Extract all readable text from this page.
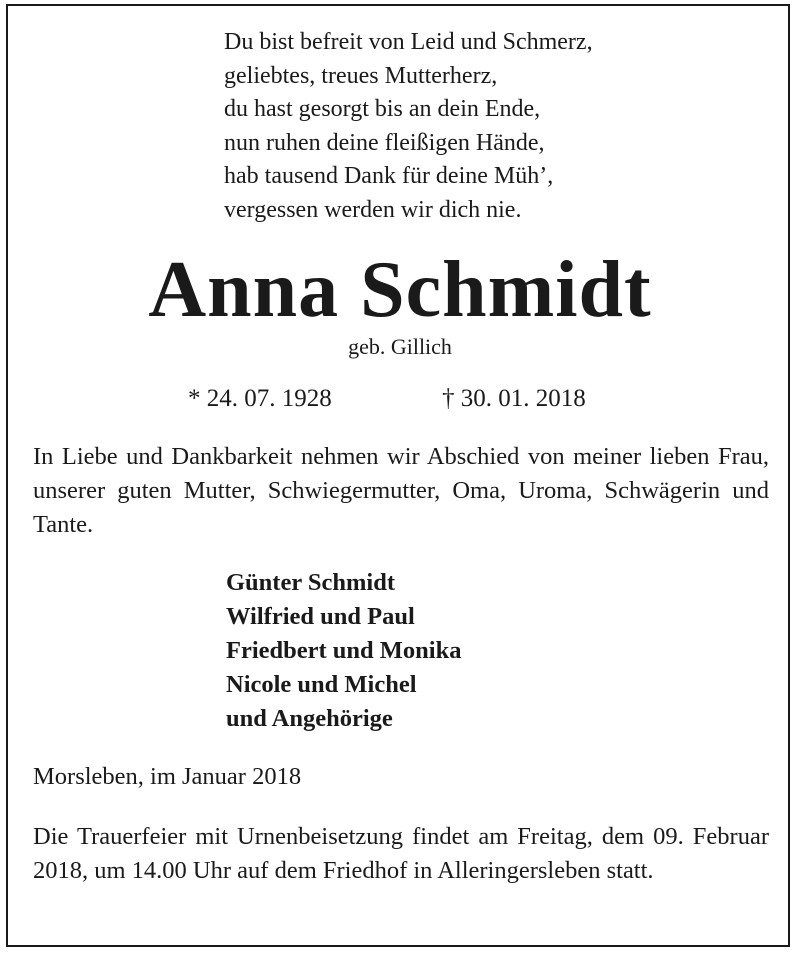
Du bist befreit von Leid und Schmerz,
geliebtes, treues Mutterherz,
du hast gesorgt bis an dein Ende,
nun ruhen deine fleißigen Hände,
hab tausend Dank für deine Müh’,
vergessen werden wir dich nie.
Anna Schmidt
geb. Gillich
* 24. 07. 1928	† 30. 01. 2018
In Liebe und Dankbarkeit nehmen wir Abschied von meiner lieben Frau, unserer guten Mutter, Schwiegermutter, Oma, Uroma, Schwägerin und Tante.
Günter Schmidt
Wilfried und Paul
Friedbert und Monika
Nicole und Michel
und Angehörige
Morsleben, im Januar 2018
Die Trauerfeier mit Urnenbeisetzung findet am Freitag, dem 09. Februar 2018, um 14.00 Uhr auf dem Friedhof in Alleringersleben statt.
